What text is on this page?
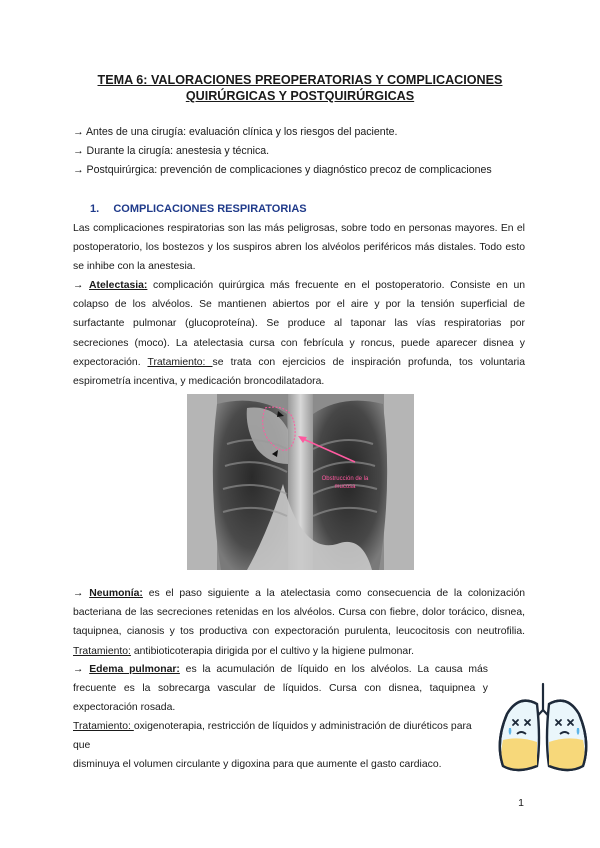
TEMA 6: VALORACIONES PREOPERATORIAS Y COMPLICACIONES
QUIRÚRGICAS Y POSTQUIRÚRGICAS
→ Antes de una cirugía: evaluación clínica y los riesgos del paciente.
→ Durante la cirugía: anestesia y técnica.
→ Postquirúrgica: prevención de complicaciones y diagnóstico precoz de complicaciones
1. COMPLICACIONES RESPIRATORIAS
Las complicaciones respiratorias son las más peligrosas, sobre todo en personas mayores. En el postoperatorio, los bostezos y los suspiros abren los alvéolos periféricos más distales. Todo esto se inhibe con la anestesia.
→ Atelectasia: complicación quirúrgica más frecuente en el postoperatorio. Consiste en un colapso de los alvéolos. Se mantienen abiertos por el aire y por la tensión superficial de surfactante pulmonar (glucoproteína). Se produce al taponar las vías respiratorias por secreciones (moco). La atelectasia cursa con febrícula y roncus, puede aparecer disnea y expectoración. Tratamiento: se trata con ejercicios de inspiración profunda, tos voluntaria espirometría incentiva, y medicación broncodilatadora.
Obstrucción de la
mucosa
→ Neumonía: es el paso siguiente a la atelectasia como consecuencia de la colonización bacteriana de las secreciones retenidas en los alvéolos. Cursa con fiebre, dolor torácico, disnea, taquipnea, cianosis y tos productiva con expectoración purulenta, leucocitosis con neutrofilia. Tratamiento: antibioticoterapia dirigida por el cultivo y la higiene pulmonar.
→ Edema pulmonar: es la acumulación de líquido en los alvéolos. La causa más frecuente es la sobrecarga vascular de líquidos. Cursa con disnea, taquipnea y expectoración rosada.
Tratamiento: oxigenoterapia, restricción de líquidos y administración de diuréticos para que
disminuya el volumen circulante y digoxina para que aumente el gasto cardiaco.
1
